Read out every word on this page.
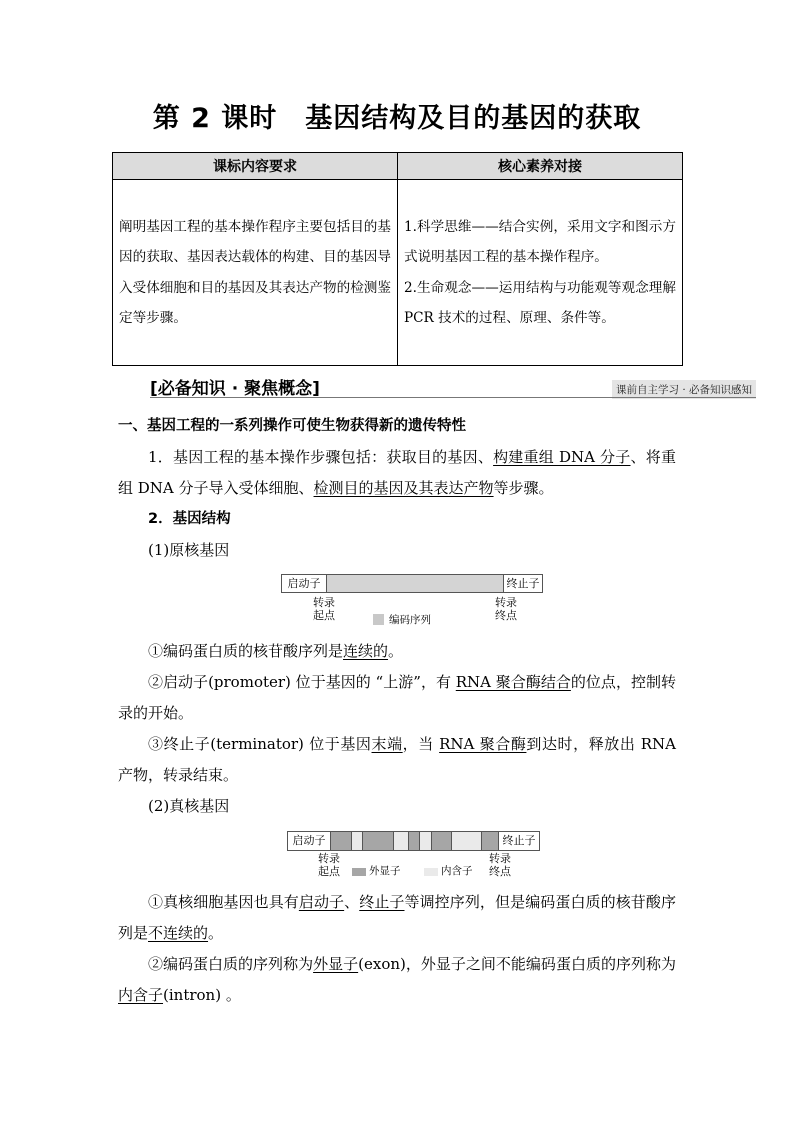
第 2 课时　基因结构及目的基因的获取
课标内容要求	核心素养对接
阐明基因工程的基本操作程序主要包括目的基因的获取、基因表达载体的构建、目的基因导入受体细胞和目的基因及其表达产物的检测鉴定等步骤。	1.科学思维——结合实例，采用文字和图示方式说明基因工程的基本操作程序。
2.生命观念——运用结构与功能观等观念理解 PCR 技术的过程、原理、条件等。
[必备知识 · 聚焦概念]	课前自主学习 · 必备知识感知
一、基因工程的一系列操作可使生物获得新的遗传特性
1．基因工程的基本操作步骤包括：获取目的基因、构建重组 DNA 分子、将重组 DNA 分子导入受体细胞、检测目的基因及其表达产物等步骤。
2．基因结构
(1)原核基因
启动子	终止子
转录
起点
转录
终点
编码序列
①编码蛋白质的核苷酸序列是连续的。
②启动子(promoter) 位于基因的 “上游”，有 RNA 聚合酶结合的位点，控制转录的开始。
③终止子(terminator) 位于基因末端，当 RNA 聚合酶到达时，释放出 RNA 产物，转录结束。
(2)真核基因
启动子	终止子
转录
起点
转录
终点
外显子	内含子
①真核细胞基因也具有启动子、终止子等调控序列，但是编码蛋白质的核苷酸序列是不连续的。
②编码蛋白质的序列称为外显子(exon)，外显子之间不能编码蛋白质的序列称为内含子(intron) 。
